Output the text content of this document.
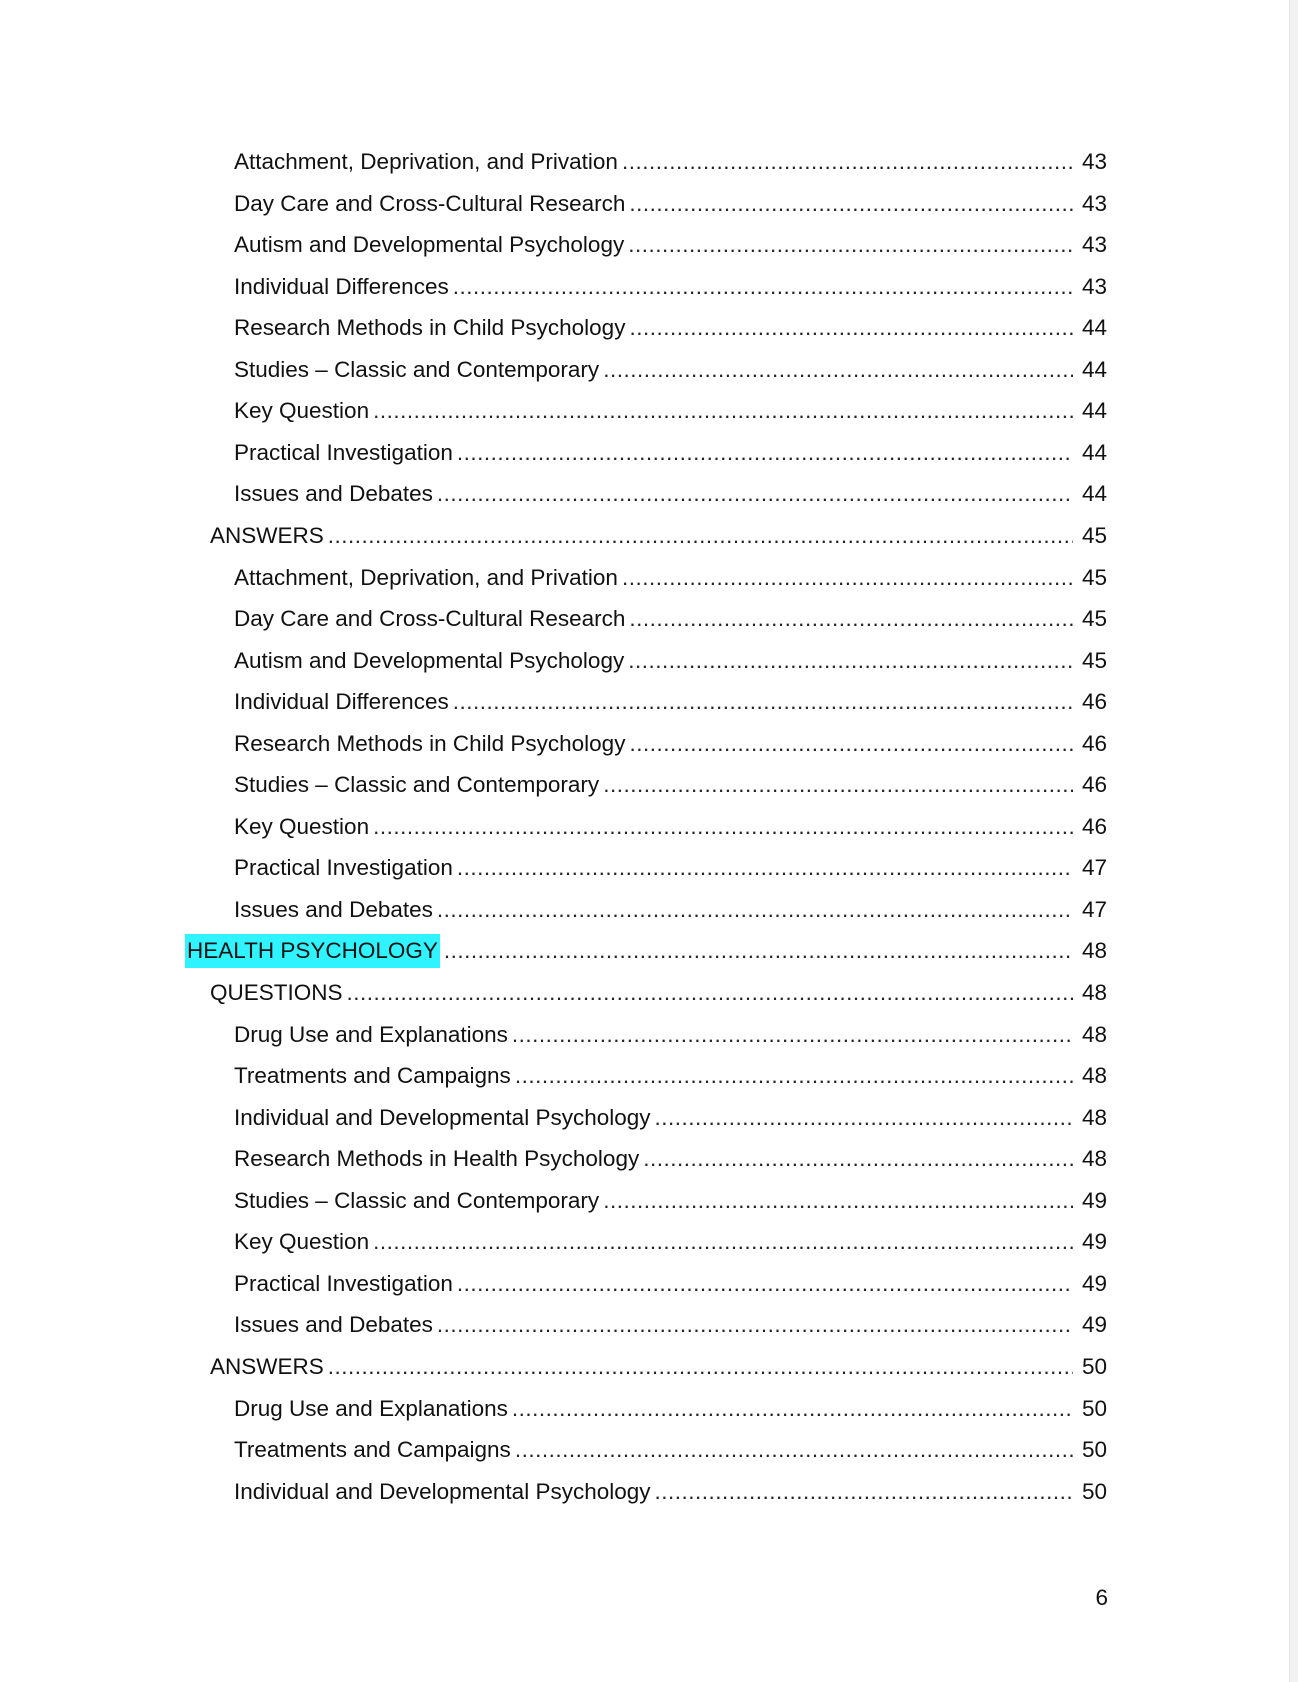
Attachment, Deprivation, and Privation .....	43
Day Care and Cross-Cultural Research .....	43
Autism and Developmental Psychology .....	43
Individual Differences .....	43
Research Methods in Child Psychology .....	44
Studies – Classic and Contemporary .....	44
Key Question .....	44
Practical Investigation .....	44
Issues and Debates .....	44
ANSWERS .....	45
Attachment, Deprivation, and Privation .....	45
Day Care and Cross-Cultural Research .....	45
Autism and Developmental Psychology .....	45
Individual Differences .....	46
Research Methods in Child Psychology .....	46
Studies – Classic and Contemporary .....	46
Key Question .....	46
Practical Investigation .....	47
Issues and Debates .....	47
HEALTH PSYCHOLOGY .....	48
QUESTIONS .....	48
Drug Use and Explanations .....	48
Treatments and Campaigns .....	48
Individual and Developmental Psychology .....	48
Research Methods in Health Psychology .....	48
Studies – Classic and Contemporary .....	49
Key Question .....	49
Practical Investigation .....	49
Issues and Debates .....	49
ANSWERS .....	50
Drug Use and Explanations .....	50
Treatments and Campaigns .....	50
Individual and Developmental Psychology .....	50
6
